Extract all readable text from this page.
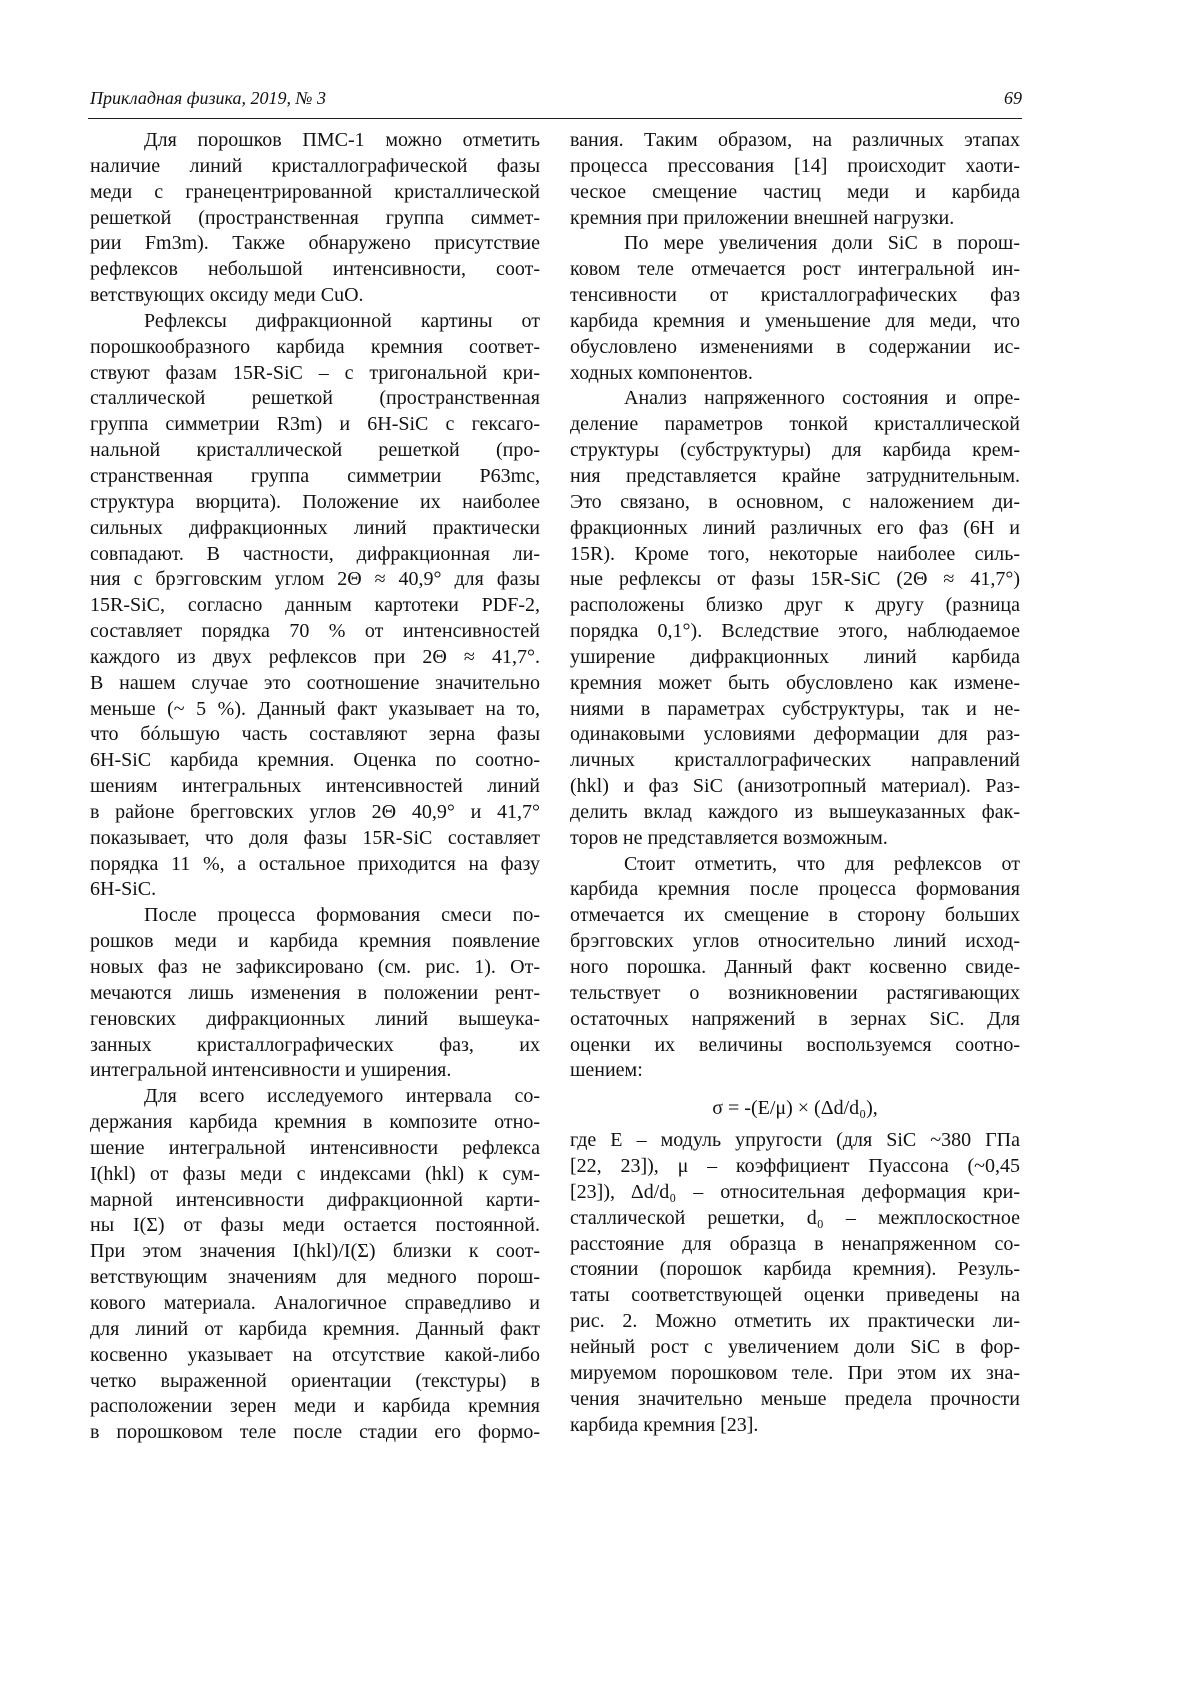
Прикладная физика, 2019, № 3	69
Для порошков ПМС-1 можно отметить
наличие линий кристаллографической фазы
меди с гранецентрированной кристаллической
решеткой (пространственная группа симмет-
рии Fm3m). Также обнаружено присутствие
рефлексов небольшой интенсивности, соот-
ветствующих оксиду меди CuO.
Рефлексы дифракционной картины от
порошкообразного карбида кремния соответ-
ствуют фазам 15R-SiC – с тригональной кри-
сталлической решеткой (пространственная
группа симметрии R3m) и 6H-SiC с гексаго-
нальной кристаллической решеткой (про-
странственная группа симметрии P63mc,
структура вюрцита). Положение их наиболее
сильных дифракционных линий практически
совпадают. В частности, дифракционная ли-
ния с брэгговским углом 2Θ ≈ 40,9° для фазы
15R-SiC, согласно данным картотеки PDF-2,
составляет порядка 70 % от интенсивностей
каждого из двух рефлексов при 2Θ ≈ 41,7°.
В нашем случае это соотношение значительно
меньше (~ 5 %). Данный факт указывает на то,
что бóльшую часть составляют зерна фазы
6H-SiC карбида кремния. Оценка по соотно-
шениям интегральных интенсивностей линий
в районе брегговских углов 2Θ 40,9° и 41,7°
показывает, что доля фазы 15R-SiC составляет
порядка 11 %, а остальное приходится на фазу
6H-SiC.
После процесса формования смеси по-
рошков меди и карбида кремния появление
новых фаз не зафиксировано (см. рис. 1). От-
мечаются лишь изменения в положении рент-
геновских дифракционных линий вышеука-
занных кристаллографических фаз, их
интегральной интенсивности и уширения.
Для всего исследуемого интервала со-
держания карбида кремния в композите отно-
шение интегральной интенсивности рефлекса
I(hkl) от фазы меди с индексами (hkl) к сум-
марной интенсивности дифракционной карти-
ны I(Σ) от фазы меди остается постоянной.
При этом значения I(hkl)/I(Σ) близки к соот-
ветствующим значениям для медного порош-
кового материала. Аналогичное справедливо и
для линий от карбида кремния. Данный факт
косвенно указывает на отсутствие какой-либо
четко выраженной ориентации (текстуры) в
расположении зерен меди и карбида кремния
в порошковом теле после стадии его формо-
вания. Таким образом, на различных этапах
процесса прессования [14] происходит хаоти-
ческое смещение частиц меди и карбида
кремния при приложении внешней нагрузки.
По мере увеличения доли SiC в порош-
ковом теле отмечается рост интегральной ин-
тенсивности от кристаллографических фаз
карбида кремния и уменьшение для меди, что
обусловлено изменениями в содержании ис-
ходных компонентов.
Анализ напряженного состояния и опре-
деление параметров тонкой кристаллической
структуры (субструктуры) для карбида крем-
ния представляется крайне затруднительным.
Это связано, в основном, с наложением ди-
фракционных линий различных его фаз (6H и
15R). Кроме того, некоторые наиболее силь-
ные рефлексы от фазы 15R-SiC (2Θ ≈ 41,7°)
расположены близко друг к другу (разница
порядка 0,1°). Вследствие этого, наблюдаемое
уширение дифракционных линий карбида
кремния может быть обусловлено как измене-
ниями в параметрах субструктуры, так и не-
одинаковыми условиями деформации для раз-
личных кристаллографических направлений
(hkl) и фаз SiC (анизотропный материал). Раз-
делить вклад каждого из вышеуказанных фак-
торов не представляется возможным.
Стоит отметить, что для рефлексов от
карбида кремния после процесса формования
отмечается их смещение в сторону больших
брэгговских углов относительно линий исход-
ного порошка. Данный факт косвенно свиде-
тельствует о возникновении растягивающих
остаточных напряжений в зернах SiC. Для
оценки их величины воспользуемся соотно-
шением:
σ = -(E/μ) × (Δd/d₀),
где E – модуль упругости (для SiC ~380 ГПа
[22, 23]), μ – коэффициент Пуассона (~0,45
[23]), Δd/d₀ – относительная деформация кри-
сталлической решетки, d₀ – межплоскостное
расстояние для образца в ненапряженном со-
стоянии (порошок карбида кремния). Резуль-
таты соответствующей оценки приведены на
рис. 2. Можно отметить их практически ли-
нейный рост с увеличением доли SiC в фор-
мируемом порошковом теле. При этом их зна-
чения значительно меньше предела прочности
карбида кремния [23].
